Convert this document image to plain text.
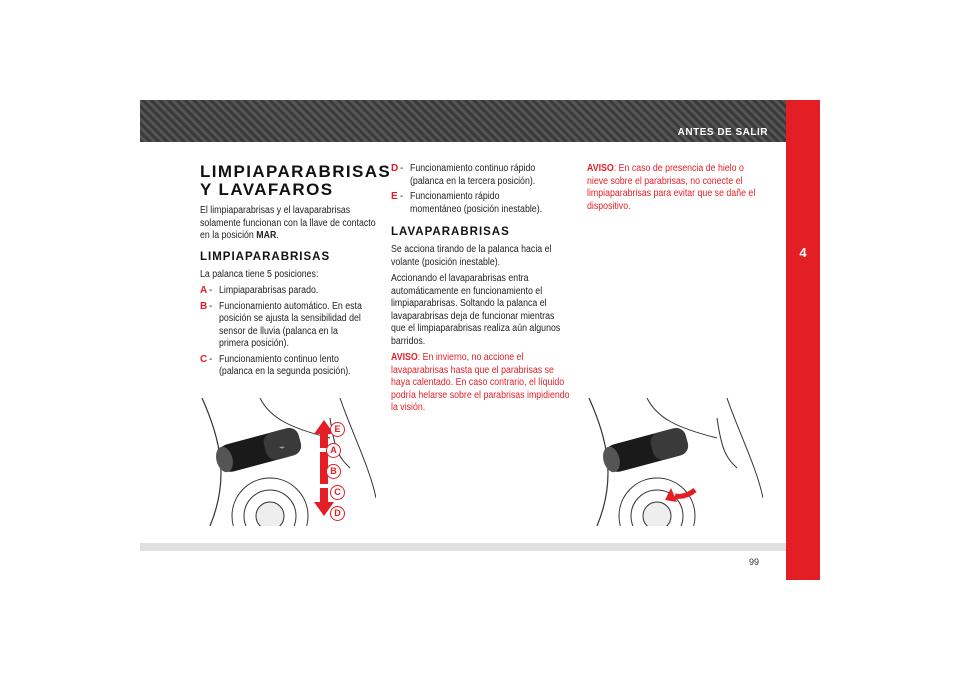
ANTES DE SALIR
4
LIMPIAPARABRISAS
Y LAVAFAROS

El limpiaparabrisas y el lavaparabrisas solamente funcionan con la llave de contacto en la posición MAR.

LIMPIAPARABRISAS

La palanca tiene 5 posiciones:

A - Limpiaparabrisas parado.
B - Funcionamiento automático. En esta posición se ajusta la sensibilidad del sensor de lluvia (palanca en la primera posición).
C - Funcionamiento continuo lento (palanca en la segunda posición).
⌁
E
A
B
C
D
D - Funcionamiento continuo rápido (palanca en la tercera posición).
E - Funcionamiento rápido momentáneo (posición inestable).
LAVAPARABRISAS

Se acciona tirando de la palanca hacia el volante (posición inestable).

Accionando el lavaparabrisas entra automáticamente en funcionamiento el limpiaparabrisas. Soltando la palanca el lavaparabrisas deja de funcionar mientras que el limpiaparabrisas realiza aún algunos barridos.

AVISO: En invierno, no accione el lavaparabrisas hasta que el parabrisas se haya calentado. En caso contrario, el líquido podría helarse sobre el parabrisas impidiendo la visión.

AVISO: En caso de presencia de hielo o nieve sobre el parabrisas, no conecte el limpiaparabrisas para evitar que se dañe el dispositivo.

99
